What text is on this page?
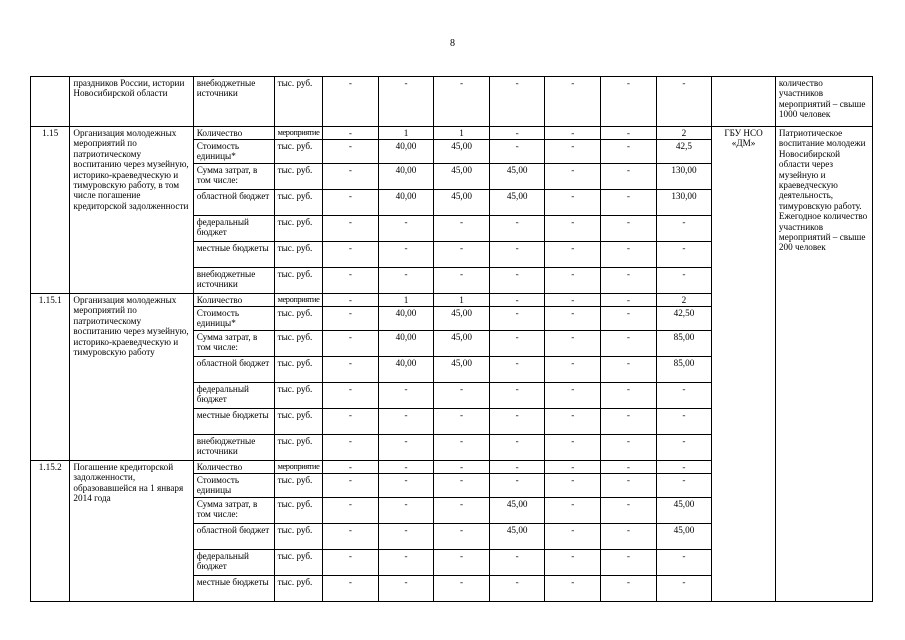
8
	праздников России, истории Новосибирской области	внебюджетные источники	тыс. руб.	-	-	-	-	-	-	-		количество участников мероприятий – свыше 1000 человек
1.15	Организация молодежных мероприятий по патриотическому воспитанию через музейную, историко-краеведческую и тимуровскую работу, в том числе погашение кредиторской задолженности	Количество	мероприятие	-	1	1	-	-	-	2	ГБУ НСО «ДМ»	Патриотическое воспитание молодежи Новосибирской области через музейную и краеведческую деятельность, тимуровскую работу. Ежегодное количество участников мероприятий – свыше 200 человек
		Стоимость единицы*	тыс. руб.	-	40,00	45,00	-	-	-	42,5		
		Сумма затрат, в том числе:	тыс. руб.	-	40,00	45,00	45,00	-	-	130,00		
		областной бюджет	тыс. руб.	-	40,00	45,00	45,00	-	-	130,00		
		федеральный бюджет	тыс. руб.	-	-	-	-	-	-	-		
		местные бюджеты	тыс. руб.	-	-	-	-	-	-	-		
		внебюджетные источники	тыс. руб.	-	-	-	-	-	-	-		
1.15.1	Организация молодежных мероприятий по патриотическому воспитанию через музейную, историко-краеведческую и тимуровскую работу	Количество	мероприятие	-	1	1	-	-	-	2		
		Стоимость единицы*	тыс. руб.	-	40,00	45,00	-	-	-	42,50		
		Сумма затрат, в том числе:	тыс. руб.	-	40,00	45,00	-	-	-	85,00		
		областной бюджет	тыс. руб.	-	40,00	45,00	-	-	-	85,00		
		федеральный бюджет	тыс. руб.	-	-	-	-	-	-	-		
		местные бюджеты	тыс. руб.	-	-	-	-	-	-	-		
		внебюджетные источники	тыс. руб.	-	-	-	-	-	-	-		
1.15.2	Погашение кредиторской задолженности, образовавшейся на 1 января 2014 года	Количество	мероприятие	-	-	-	-	-	-	-		
		Стоимость единицы	тыс. руб.	-	-	-	-	-	-	-		
		Сумма затрат, в том числе:	тыс. руб.	-	-	-	45,00	-	-	45,00		
		областной бюджет	тыс. руб.	-	-	-	45,00	-	-	45,00		
		федеральный бюджет	тыс. руб.	-	-	-	-	-	-	-		
		местные бюджеты	тыс. руб.	-	-	-	-	-	-	-		
